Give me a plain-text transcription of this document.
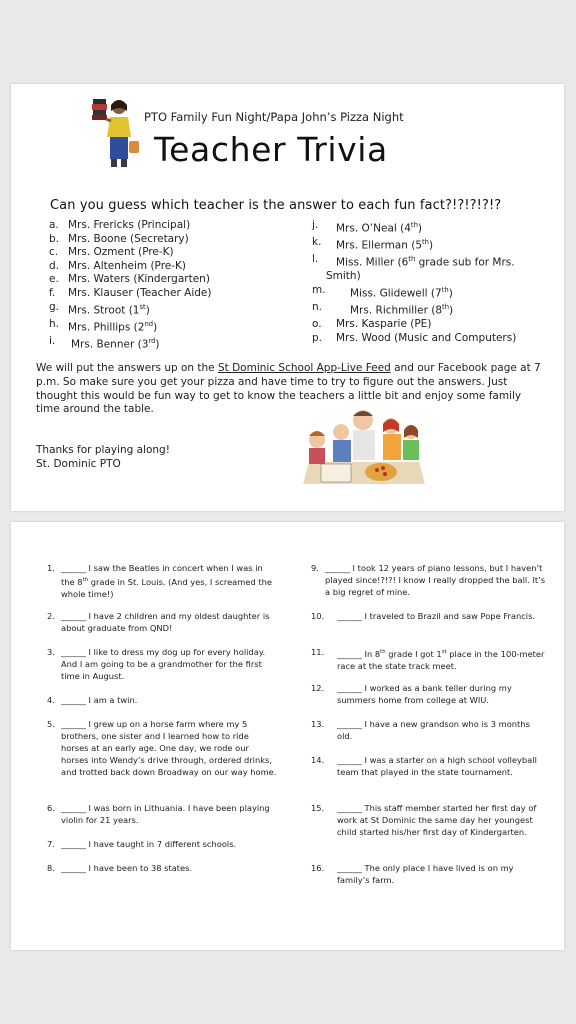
PTO Family Fun Night/Papa John’s Pizza Night
Teacher Trivia
Can you guess which teacher is the answer to each fun fact?!?!?!?!?
a. Mrs. Frericks (Principal)
b. Mrs. Boone (Secretary)
c. Mrs. Ozment (Pre-K)
d. Mrs. Altenheim (Pre-K)
e. Mrs. Waters (Kindergarten)
f.	Mrs. Klauser (Teacher Aide)
g. Mrs. Stroot (1st)
h. Mrs. Phillips (2nd)
i.	Mrs. Benner (3rd)
j.	Mrs. O’Neal (4th)
k.	Mrs. Ellerman (5th)
l.	Miss. Miller (6th grade sub for Mrs.
Smith)
m.	Miss. Glidewell (7th)
n.	Mrs. Richmiller (8th)
o.	Mrs. Kasparie (PE)
p.	Mrs. Wood (Music and Computers)
We will put the answers up on the St Dominic School App-Live Feed and our Facebook page at 7 p.m. So make sure you get your pizza and have time to try to figure out the answers. Just thought this would be fun way to get to know the teachers a little bit and enjoy some family time around the table.
Thanks for playing along!
St. Dominic PTO
1. ______ I saw the Beatles in concert when I was in the 8th grade in St. Louis. (And yes, I screamed the whole time!)
2. ______ I have 2 children and my oldest daughter is about graduate from QND!
3. ______ I like to dress my dog up for every holiday. And I am going to be a grandmother for the first time in August.
4. ______ I am a twin.
5. ______ I grew up on a horse farm where my 5 brothers, one sister and I learned how to ride horses at an early age. One day, we rode our horses into Wendy’s drive through, ordered drinks, and trotted back down Broadway on our way home.
6. ______ I was born in Lithuania. I have been playing violin for 21 years.
7. ______ I have taught in 7 different schools.
8. ______ I have been to 38 states.
9. ______ I took 12 years of piano lessons, but I haven’t played since!?!?! I know I really dropped the ball. It’s a big regret of mine.
10.	______ I traveled to Brazil and saw Pope Francis.
11.	______ In 8th grade I got 1st place in the 100-meter race at the state track meet.
12.	______ I worked as a bank teller during my summers home from college at WIU.
13.	______ I have a new grandson who is 3 months old.
14.	______ I was a starter on a high school volleyball team that played in the state tournament.
15.	______ This staff member started her first day of work at St Dominic the same day her youngest child started his/her first day of Kindergarten.
16.	______ The only place I have lived is on my family’s farm.
